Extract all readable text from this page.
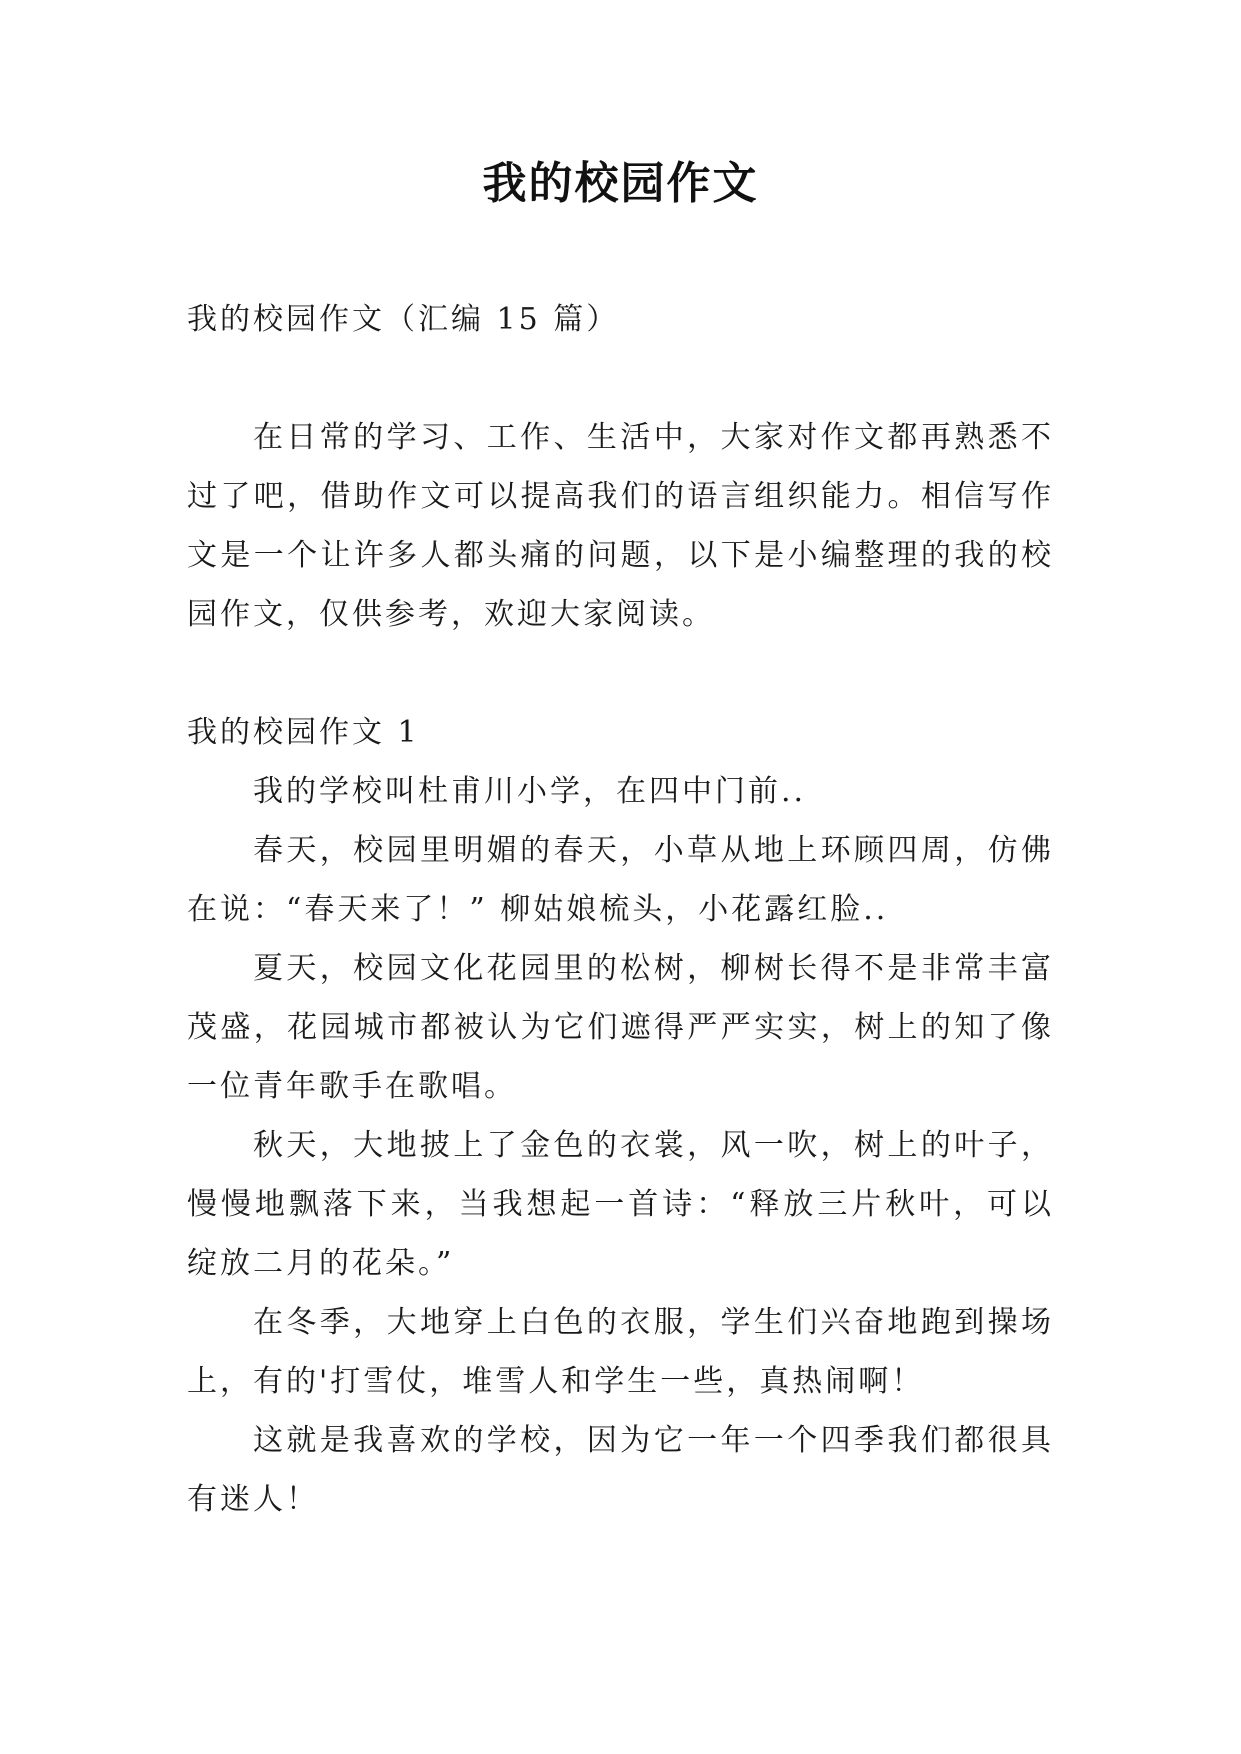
我的校园作文
我的校园作文（汇编 15 篇）
在日常的学习、工作、生活中，大家对作文都再熟悉不
过了吧，借助作文可以提高我们的语言组织能力。相信写作
文是一个让许多人都头痛的问题，以下是小编整理的我的校
园作文，仅供参考，欢迎大家阅读。
我的校园作文 1
我的学校叫杜甫川小学，在四中门前..
春天，校园里明媚的春天，小草从地上环顾四周，仿佛
在说：“春天来了！” 柳姑娘梳头，小花露红脸..
夏天，校园文化花园里的松树，柳树长得不是非常丰富
茂盛，花园城市都被认为它们遮得严严实实，树上的知了像
一位青年歌手在歌唱。
秋天，大地披上了金色的衣裳，风一吹，树上的叶子，
慢慢地飘落下来，当我想起一首诗：“释放三片秋叶，可以
绽放二月的花朵。”
在冬季，大地穿上白色的衣服，学生们兴奋地跑到操场
上，有的'打雪仗，堆雪人和学生一些，真热闹啊！
这就是我喜欢的学校，因为它一年一个四季我们都很具
有迷人！
